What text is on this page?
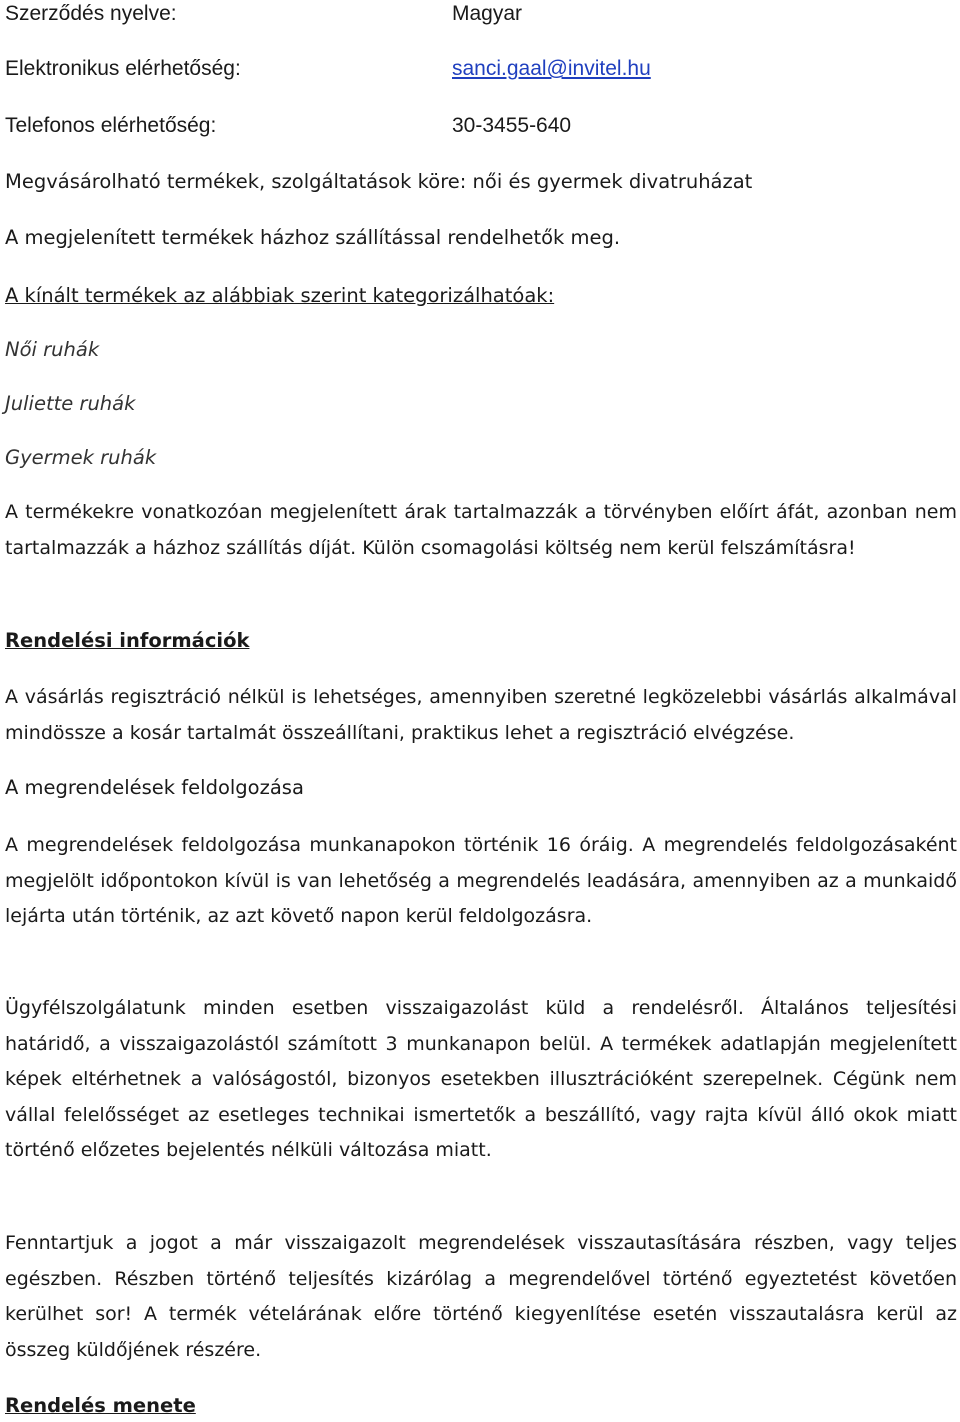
Szerződés nyelve:	Magyar

Elektronikus elérhetőség:	sanci.gaal@invitel.hu

Telefonos elérhetőség:	30-3455-640

Megvásárolható termékek, szolgáltatások köre: női és gyermek divatruházat

A megjelenített termékek házhoz szállítással rendelhetők meg.

A kínált termékek az alábbiak szerint kategorizálhatóak:

Női ruhák

Juliette ruhák

Gyermek ruhák

A termékekre vonatkozóan megjelenített árak tartalmazzák a törvényben előírt áfát, azonban nem tartalmazzák a házhoz szállítás díját. Külön csomagolási költség nem kerül felszámításra!

Rendelési információk

A vásárlás regisztráció nélkül is lehetséges, amennyiben szeretné legközelebbi vásárlás alkalmával mindössze a kosár tartalmát összeállítani, praktikus lehet a regisztráció elvégzése.

A megrendelések feldolgozása

A megrendelések feldolgozása munkanapokon történik 16 óráig. A megrendelés feldolgozásaként megjelölt időpontokon kívül is van lehetőség a megrendelés leadására, amennyiben az a munkaidő lejárta után történik, az azt követő napon kerül feldolgozásra.

Ügyfélszolgálatunk minden esetben visszaigazolást küld a rendelésről. Általános teljesítési határidő, a visszaigazolástól számított 3 munkanapon belül. A termékek adatlapján megjelenített képek eltérhetnek a valóságostól, bizonyos esetekben illusztrációként szerepelnek. Cégünk nem vállal felelősséget az esetleges technikai ismertetők a beszállító, vagy rajta kívül álló okok miatt történő előzetes bejelentés nélküli változása miatt.

Fenntartjuk a jogot a már visszaigazolt megrendelések visszautasítására részben, vagy teljes egészben. Részben történő teljesítés kizárólag a megrendelővel történő egyeztetést követően kerülhet sor! A termék vételárának előre történő kiegyenlítése esetén visszautalásra kerül az összeg küldőjének részére.

Rendelés menete
